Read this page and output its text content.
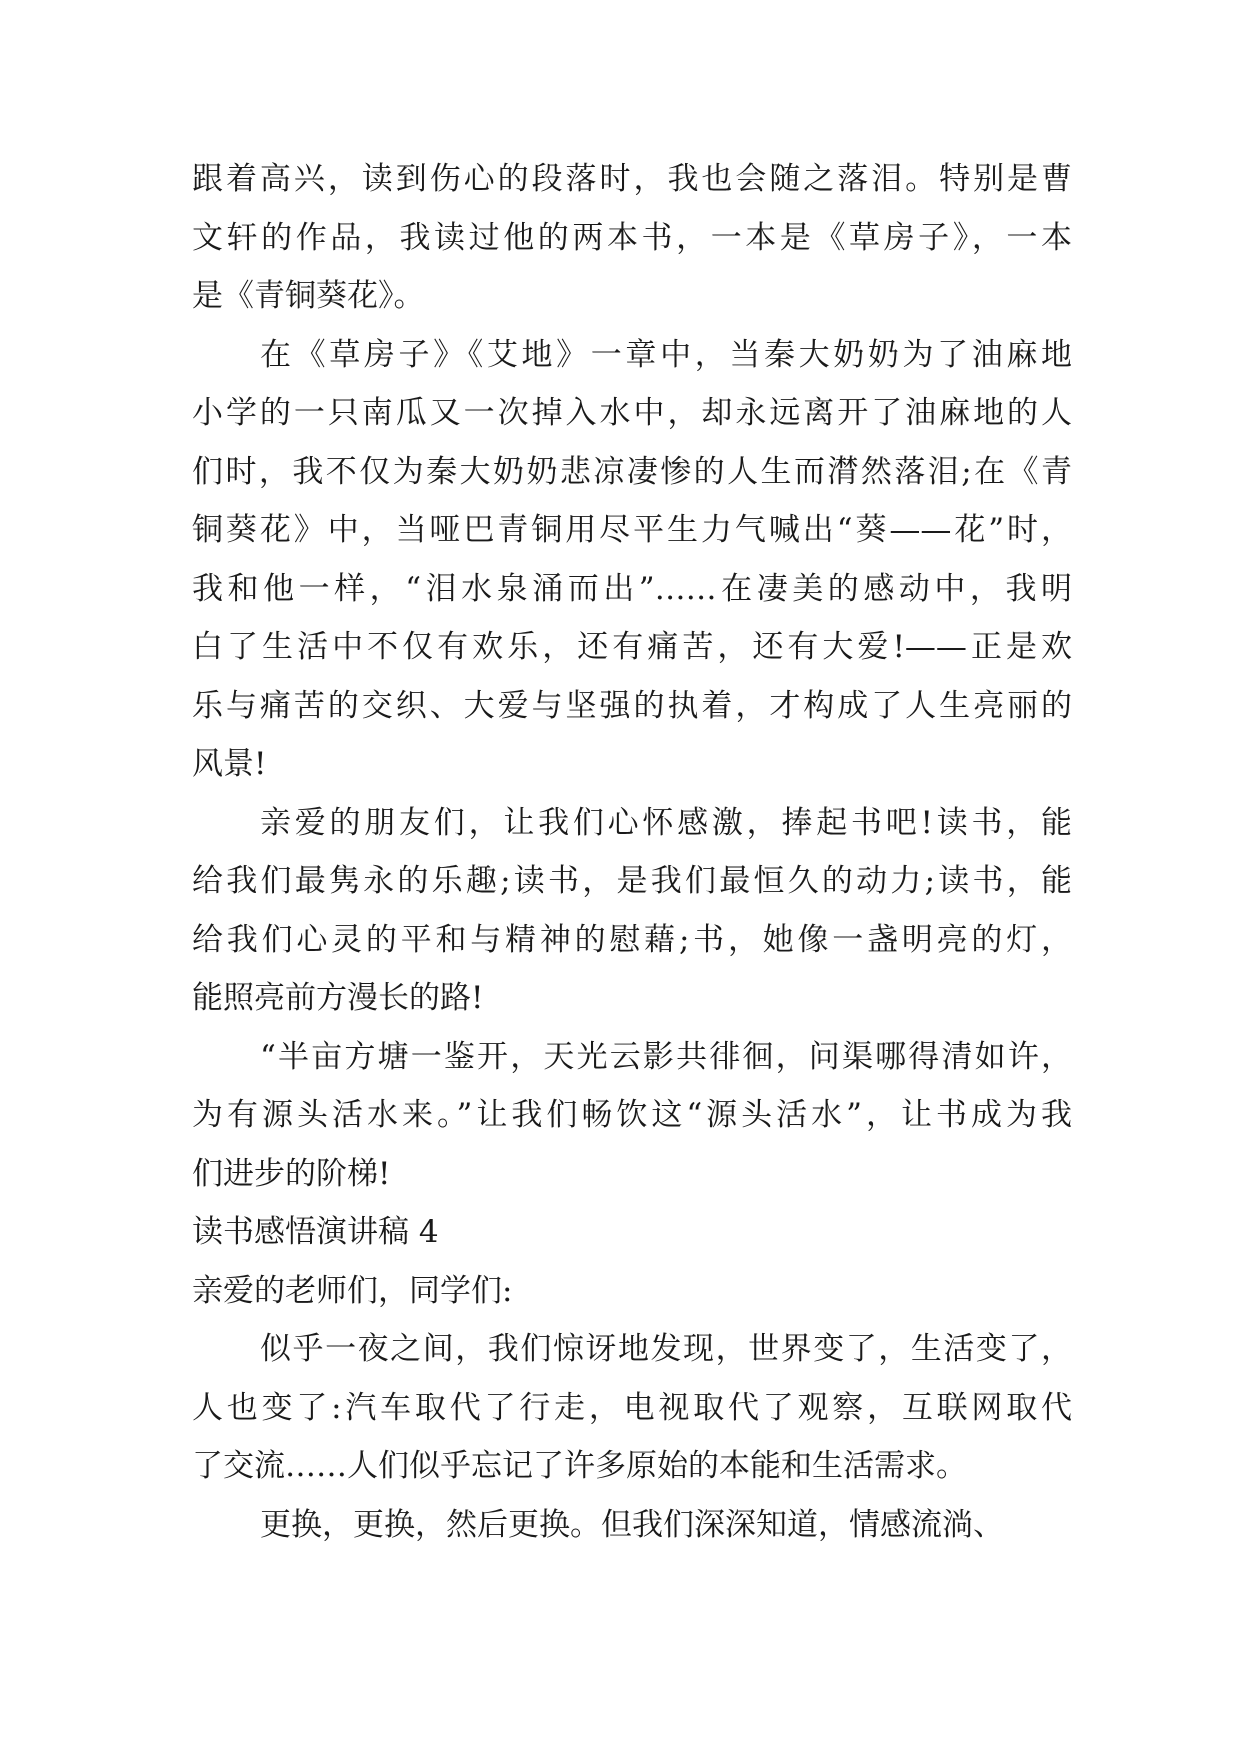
跟着高兴，读到伤心的段落时，我也会随之落泪。特别是曹
文轩的作品，我读过他的两本书，一本是《草房子》，一本
是《青铜葵花》。
在《草房子》《艾地》一章中，当秦大奶奶为了油麻地
小学的一只南瓜又一次掉入水中，却永远离开了油麻地的人
们时，我不仅为秦大奶奶悲凉凄惨的人生而潸然落泪;在《青
铜葵花》中，当哑巴青铜用尽平生力气喊出“葵——花”时，
我和他一样，“泪水泉涌而出”……在凄美的感动中，我明
白了生活中不仅有欢乐，还有痛苦，还有大爱!——正是欢
乐与痛苦的交织、大爱与坚强的执着，才构成了人生亮丽的
风景!
亲爱的朋友们，让我们心怀感激，捧起书吧!读书，能
给我们最隽永的乐趣;读书，是我们最恒久的动力;读书，能
给我们心灵的平和与精神的慰藉;书，她像一盏明亮的灯，
能照亮前方漫长的路!
“半亩方塘一鉴开，天光云影共徘徊，问渠哪得清如许，
为有源头活水来。”让我们畅饮这“源头活水”，让书成为我
们进步的阶梯!
读书感悟演讲稿 4
亲爱的老师们，同学们:
似乎一夜之间，我们惊讶地发现，世界变了，生活变了，
人也变了:汽车取代了行走，电视取代了观察，互联网取代
了交流……人们似乎忘记了许多原始的本能和生活需求。
更换，更换，然后更换。但我们深深知道，情感流淌、
